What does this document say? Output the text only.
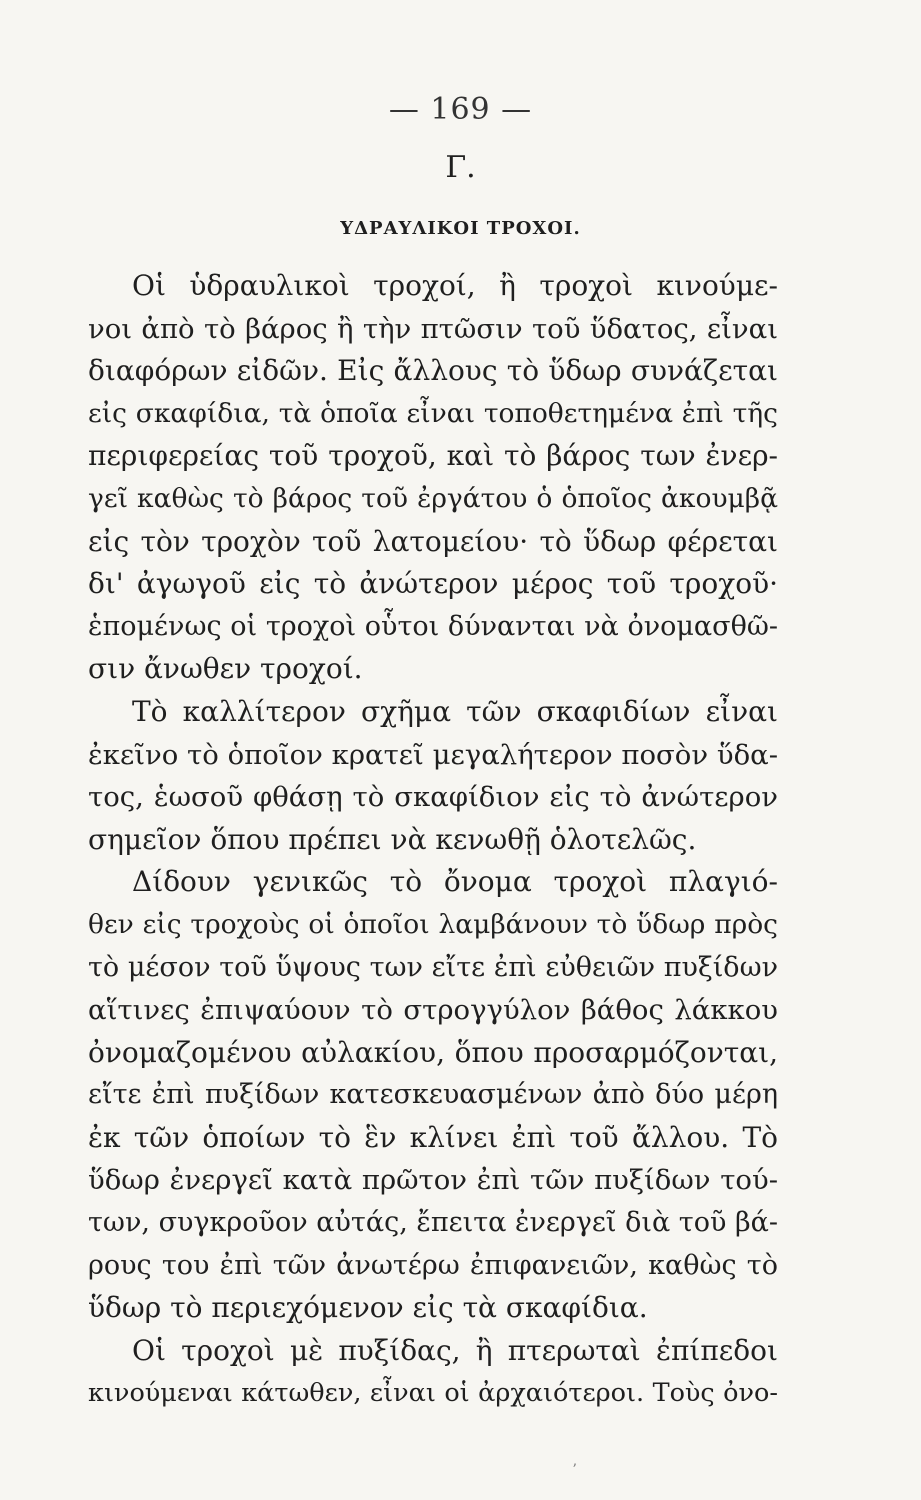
— 169 —
Γ.
ΥΔΡΑΥΛΙΚΟΙ ΤΡΟΧΟΙ.
Οἱ ὑδραυλικοὶ τροχοί, ἢ τροχοὶ κινούμε-
νοι ἀπὸ τὸ βάρος ἢ τὴν πτῶσιν τοῦ ὕδατος, εἶναι
διαφόρων εἰδῶν. Εἰς ἄλλους τὸ ὕδωρ συνάζεται
εἰς σκαφίδια, τὰ ὁποῖα εἶναι τοποθετημένα ἐπὶ τῆς
περιφερείας τοῦ τροχοῦ, καὶ τὸ βάρος των ἐνερ-
γεῖ καθὼς τὸ βάρος τοῦ ἐργάτου ὁ ὁποῖος ἀκουμβᾷ
εἰς τὸν τροχὸν τοῦ λατομείου· τὸ ὕδωρ φέρεται
δι' ἀγωγοῦ εἰς τὸ ἀνώτερον μέρος τοῦ τροχοῦ·
ἑπομένως οἱ τροχοὶ οὗτοι δύνανται νὰ ὀνομασθῶ-
σιν ἄνωθεν τροχοί.
Τὸ καλλίτερον σχῆμα τῶν σκαφιδίων εἶναι
ἐκεῖνο τὸ ὁποῖον κρατεῖ μεγαλήτερον ποσὸν ὕδα-
τος, ἑωσοῦ φθάσῃ τὸ σκαφίδιον εἰς τὸ ἀνώτερον
σημεῖον ὅπου πρέπει νὰ κενωθῇ ὁλοτελῶς.
Δίδουν γενικῶς τὸ ὄνομα τροχοὶ πλαγιό-
θεν εἰς τροχοὺς οἱ ὁποῖοι λαμβάνουν τὸ ὕδωρ πρὸς
τὸ μέσον τοῦ ὕψους των εἴτε ἐπὶ εὐθειῶν πυξίδων
αἵτινες ἐπιψαύουν τὸ στρογγύλον βάθος λάκκου
ὀνομαζομένου αὐλακίου, ὅπου προσαρμόζονται,
εἴτε ἐπὶ πυξίδων κατεσκευασμένων ἀπὸ δύο μέρη
ἐκ τῶν ὁποίων τὸ ἓν κλίνει ἐπὶ τοῦ ἄλλου. Τὸ
ὕδωρ ἐνεργεῖ κατὰ πρῶτον ἐπὶ τῶν πυξίδων τού-
των, συγκροῦον αὐτάς, ἔπειτα ἐνεργεῖ διὰ τοῦ βά-
ρους του ἐπὶ τῶν ἀνωτέρω ἐπιφανειῶν, καθὼς τὸ
ὕδωρ τὸ περιεχόμενον εἰς τὰ σκαφίδια.
Οἱ τροχοὶ μὲ πυξίδας, ἢ πτερωταὶ ἐπίπεδοι
κινούμεναι κάτωθεν, εἶναι οἱ ἀρχαιότεροι. Τοὺς ὀνο-
ʼ
